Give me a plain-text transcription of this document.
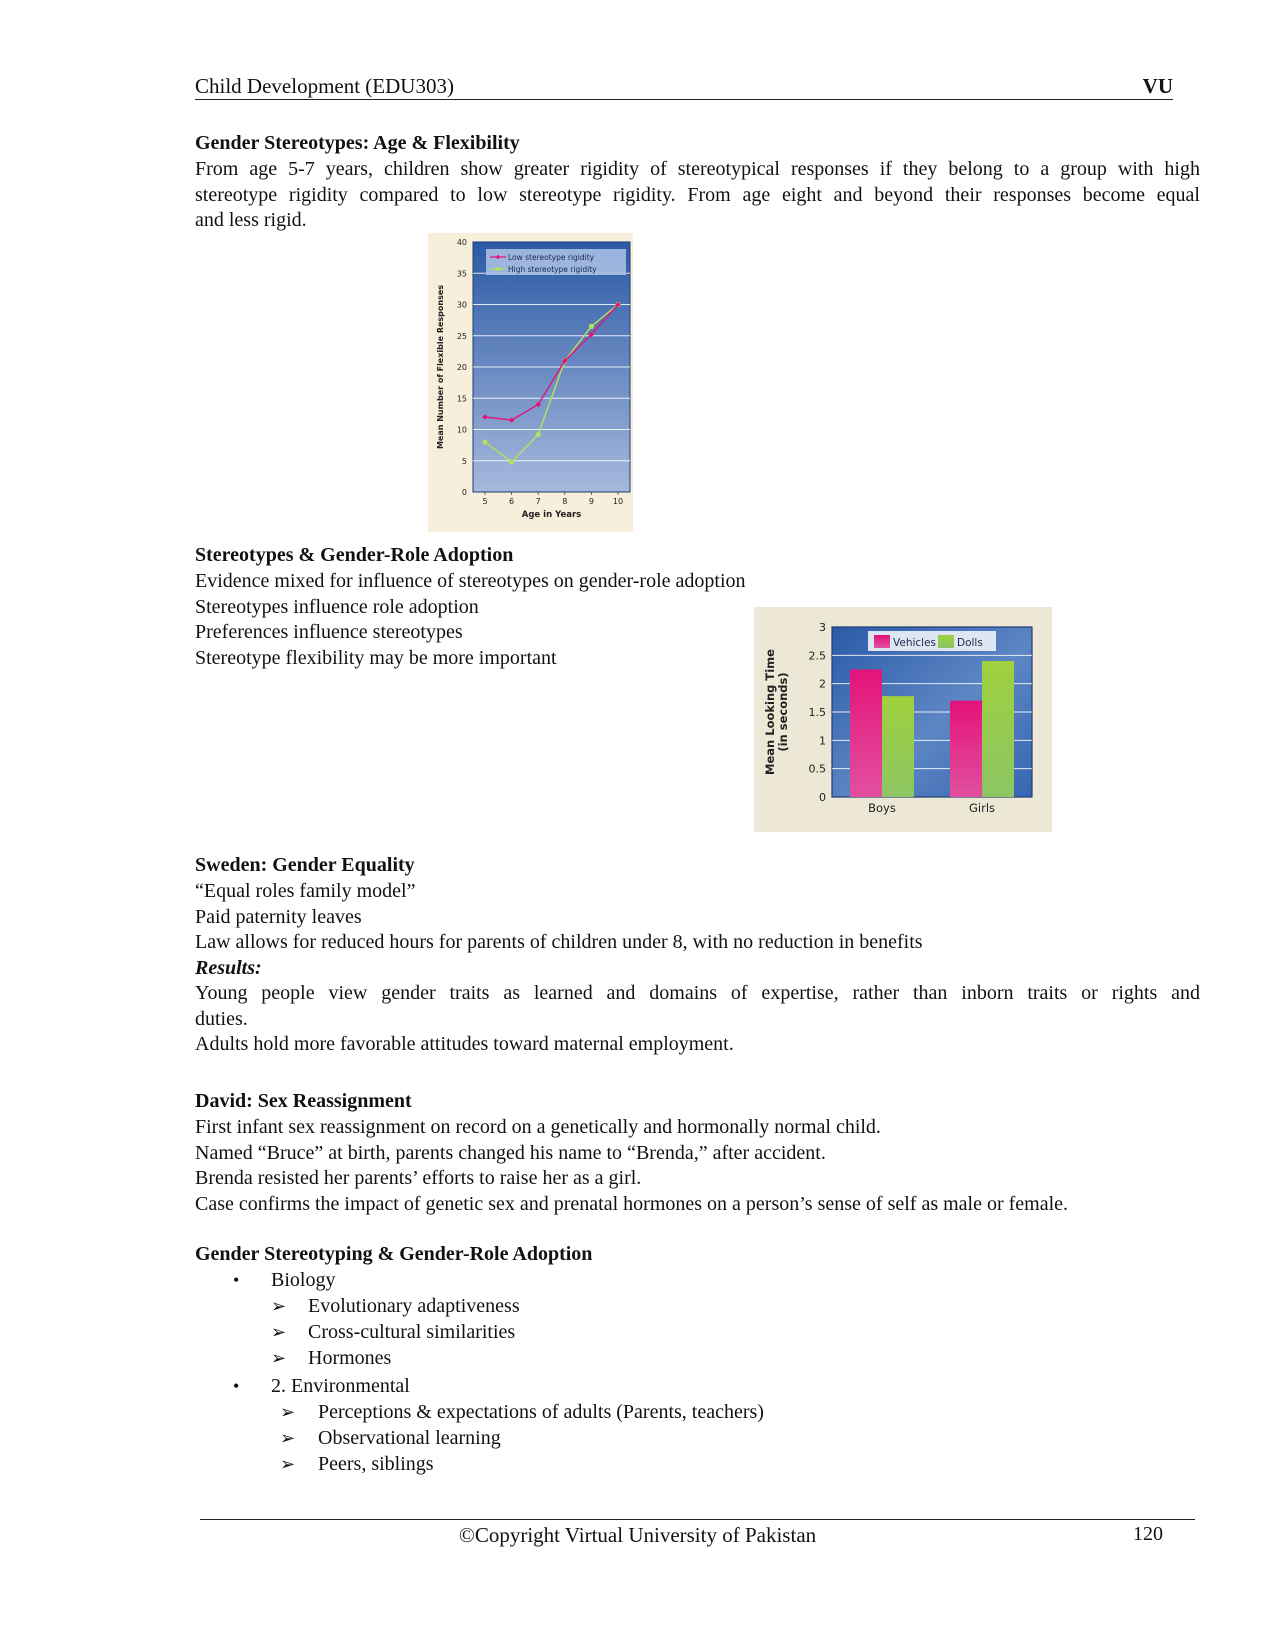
Child Development (EDU303)	VU
Gender Stereotypes: Age & Flexibility
From age 5-7 years, children show greater rigidity of stereotypical responses if they belong to a group with high
stereotype rigidity compared to low stereotype rigidity. From age eight and beyond their responses become equal
and less rigid.
0
5
10
15
20
25
30
35
40
5	6	7	8	9 10
Age in Years
Mean Number of Flexible Responses
Low stereotype rigidity
High stereotype rigidity
Stereotypes & Gender-Role Adoption
Evidence mixed for influence of stereotypes on gender-role adoption
Stereotypes influence role adoption
Preferences influence stereotypes
Stereotype flexibility may be more important
0
0.5
1
1.5
2
2.5
3
Boys	Girls
Mean Looking Time (in seconds)
Vehicles Dolls
Sweden: Gender Equality
“Equal roles family model”
Paid paternity leaves
Law allows for reduced hours for parents of children under 8, with no reduction in benefits
Results:
Young people view gender traits as learned and domains of expertise, rather than inborn traits or rights and
duties.
Adults hold more favorable attitudes toward maternal employment.
David: Sex Reassignment
First infant sex reassignment on record on a genetically and hormonally normal child.
Named “Bruce” at birth, parents changed his name to “Brenda,” after accident.
Brenda resisted her parents’ efforts to raise her as a girl.
Case confirms the impact of genetic sex and prenatal hormones on a person’s sense of self as male or female.
Gender Stereotyping & Gender-Role Adoption
• Biology
➢ Evolutionary adaptiveness
➢ Cross-cultural similarities
➢ Hormones
• 2. Environmental
➢ Perceptions & expectations of adults (Parents, teachers)
➢ Observational learning
➢ Peers, siblings
©Copyright Virtual University of Pakistan	120
